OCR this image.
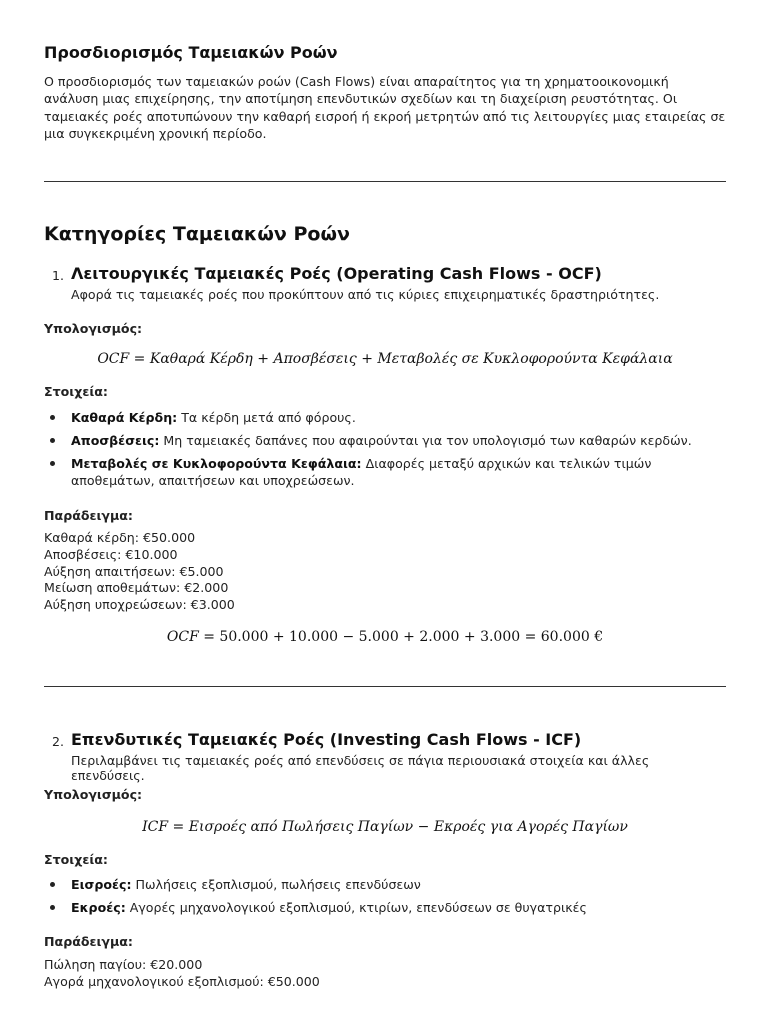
Προσδιορισμός Ταμειακών Ροών

Ο προσδιορισμός των ταμειακών ροών (Cash Flows) είναι απαραίτητος για τη χρηματοοικονομική ανάλυση μιας επιχείρησης, την αποτίμηση επενδυτικών σχεδίων και τη διαχείριση ρευστότητας. Οι ταμειακές ροές αποτυπώνουν την καθαρή εισροή ή εκροή μετρητών από τις λειτουργίες μιας εταιρείας σε μια συγκεκριμένη χρονική περίοδο.

Κατηγορίες Ταμειακών Ροών
1. Λειτουργικές Ταμειακές Ροές (Operating Cash Flows - OCF)

Αφορά τις ταμειακές ροές που προκύπτουν από τις κύριες επιχειρηματικές δραστηριότητες.

Υπολογισμός:

OCF = Καθαρά Κέρδη + Αποσβέσεις + Μεταβολές σε Κυκλοφορούντα Κεφάλαια

Στοιχεία:

Καθαρά Κέρδη: Τα κέρδη μετά από φόρους.
Αποσβέσεις: Μη ταμειακές δαπάνες που αφαιρούνται για τον υπολογισμό των καθαρών κερδών.
Μεταβολές σε Κυκλοφορούντα Κεφάλαια: Διαφορές μεταξύ αρχικών και τελικών τιμών αποθεμάτων, απαιτήσεων και υποχρεώσεων.

Παράδειγμα:

Καθαρά κέρδη: €50.000
Αποσβέσεις: €10.000
Αύξηση απαιτήσεων: €5.000
Μείωση αποθεμάτων: €2.000
Αύξηση υποχρεώσεων: €3.000

OCF = 50.000 + 10.000 − 5.000 + 2.000 + 3.000 = 60.000 €

2. Επενδυτικές Ταμειακές Ροές (Investing Cash Flows - ICF)

Περιλαμβάνει τις ταμειακές ροές από επενδύσεις σε πάγια περιουσιακά στοιχεία και άλλες επενδύσεις.

Υπολογισμός:

ICF = Εισροές από Πωλήσεις Παγίων − Εκροές για Αγορές Παγίων

Στοιχεία:

Εισροές: Πωλήσεις εξοπλισμού, πωλήσεις επενδύσεων
Εκροές: Αγορές μηχανολογικού εξοπλισμού, κτιρίων, επενδύσεων σε θυγατρικές

Παράδειγμα:

Πώληση παγίου: €20.000
Αγορά μηχανολογικού εξοπλισμού: €50.000
